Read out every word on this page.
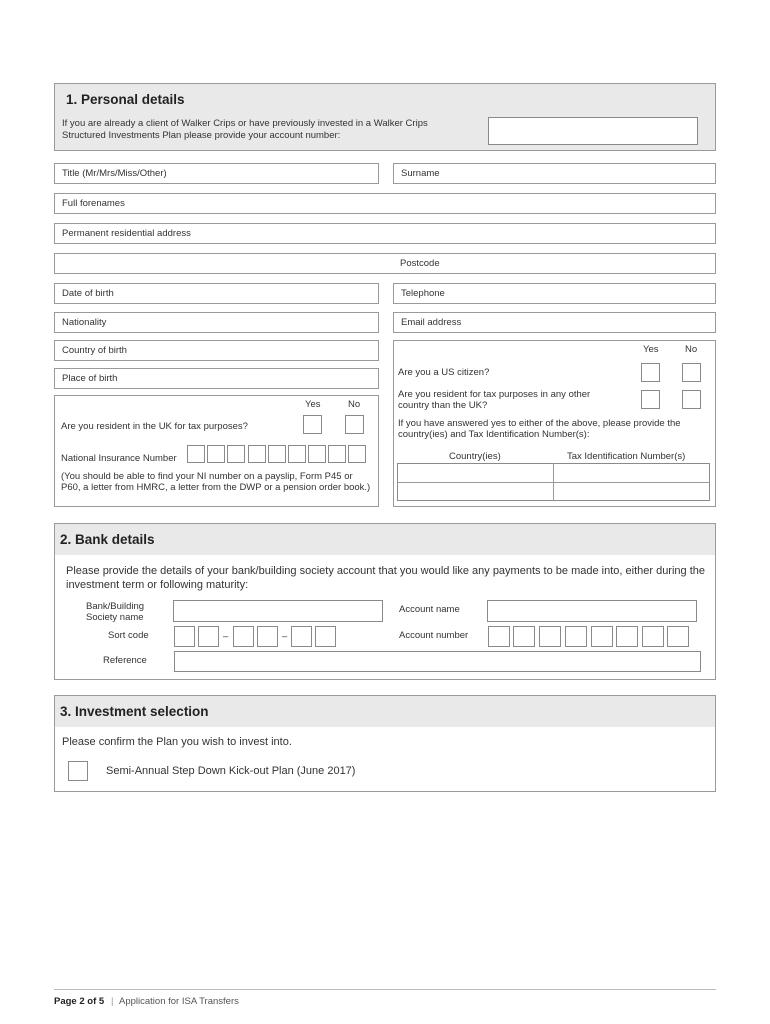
1. Personal details
If you are already a client of Walker Crips or have previously invested in a Walker Crips
Structured Investments Plan please provide your account number:
Title (Mr/Mrs/Miss/Other)	Surname
Full forenames
Permanent residential address
Postcode
Date of birth	Telephone
Nationality	Email address
Country of birth
Place of birth
Yes	No
Are you resident in the UK for tax purposes?
National Insurance Number
(You should be able to find your NI number on a payslip, Form P45 or P60, a letter from HMRC, a letter from the DWP or a pension order book.)
Yes	No
Are you a US citizen?
Are you resident for tax purposes in any other country than the UK?
If you have answered yes to either of the above, please provide the country(ies) and Tax Identification Number(s):
Country(ies)	Tax Identification Number(s)
2. Bank details
Please provide the details of your bank/building society account that you would like any payments to be made into, either during the investment term or following maturity:
Bank/Building
Society name
Account name
Sort code	–	–	Account number
Reference
3. Investment selection
Please confirm the Plan you wish to invest into.
Semi-Annual Step Down Kick-out Plan (June 2017)
Page 2 of 5 | Application for ISA Transfers
